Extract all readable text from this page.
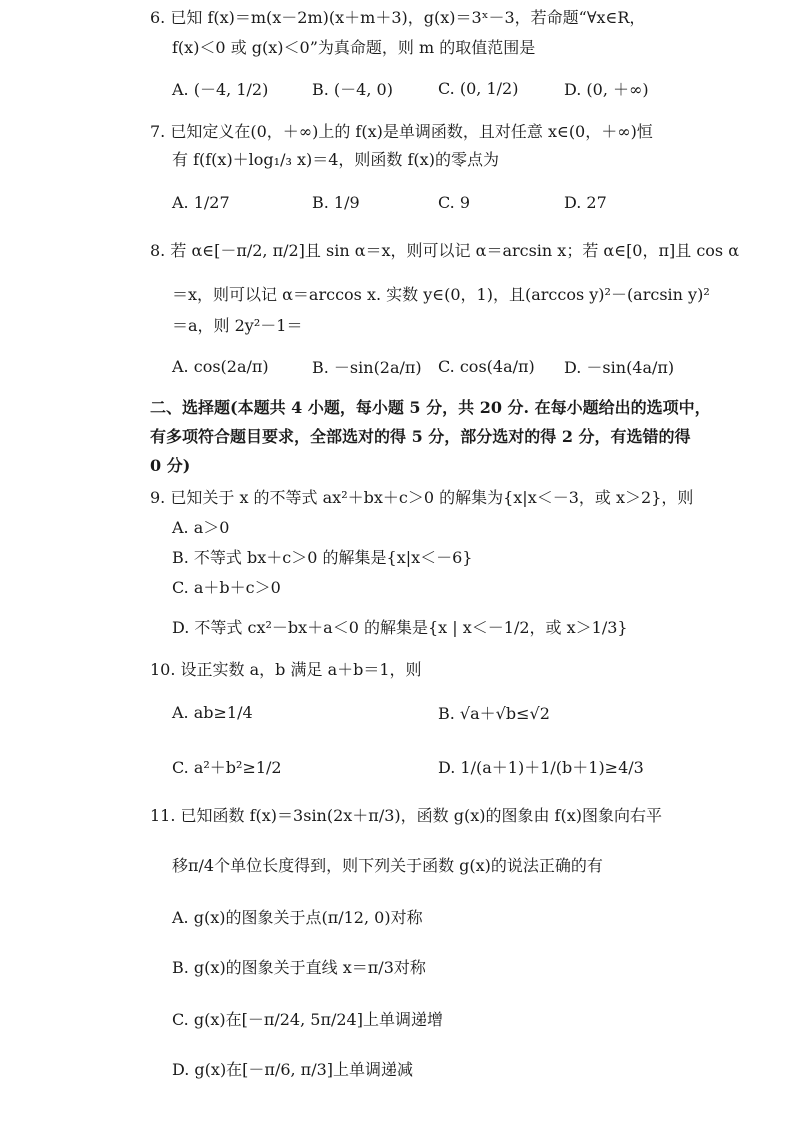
6. 已知 f(x)＝m(x－2m)(x＋m＋3)，g(x)＝3ˣ－3，若命题“∀x∈R，
f(x)＜0 或 g(x)＜0”为真命题，则 m 的取值范围是
A. (－4, 1/2)	B. (－4, 0)	C. (0, 1/2)	D. (0, ＋∞)
7. 已知定义在(0，＋∞)上的 f(x)是单调函数，且对任意 x∈(0，＋∞)恒
有 f(f(x)＋log₁/₃ x)＝4，则函数 f(x)的零点为
A. 1/27	B. 1/9	C. 9	D. 27
8. 若 α∈[－π/2, π/2]且 sin α＝x，则可以记 α＝arcsin x；若 α∈[0，π]且 cos α
＝x，则可以记 α＝arccos x. 实数 y∈(0，1)，且(arccos y)²－(arcsin y)²
＝a，则 2y²－1＝
A. cos(2a/π)	B. －sin(2a/π) C. cos(4a/π) D. －sin(4a/π)
二、选择题(本题共 4 小题，每小题 5 分，共 20 分. 在每小题给出的选项中，
有多项符合题目要求，全部选对的得 5 分，部分选对的得 2 分，有选错的得
0 分)
9. 已知关于 x 的不等式 ax²＋bx＋c＞0 的解集为{x|x＜－3，或 x＞2}，则
A. a＞0
B. 不等式 bx＋c＞0 的解集是{x|x＜－6}
C. a＋b＋c＞0
D. 不等式 cx²－bx＋a＜0 的解集是{x | x＜－1/2，或 x＞1/3}
10. 设正实数 a，b 满足 a＋b＝1，则
A. ab≥1/4	B. √a＋√b≤√2
C. a²＋b²≥1/2	D. 1/(a＋1)＋1/(b＋1)≥4/3
11. 已知函数 f(x)＝3sin(2x＋π/3)，函数 g(x)的图象由 f(x)图象向右平
移π/4个单位长度得到，则下列关于函数 g(x)的说法正确的有
A. g(x)的图象关于点(π/12, 0)对称
B. g(x)的图象关于直线 x＝π/3对称
C. g(x)在[－π/24, 5π/24]上单调递增
D. g(x)在[－π/6, π/3]上单调递减
